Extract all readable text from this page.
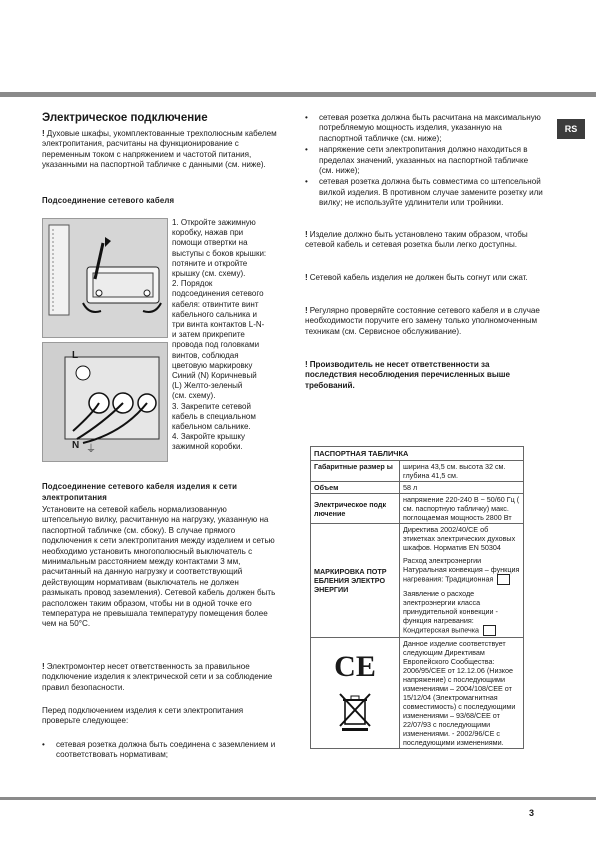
RS
Электрическое подключение
! Духовые шкафы, укомплектованные трехполюсным кабелем электропитания, расчитаны на функционирование с переменным током с напряжением и частотой питания, указанными на паспортной табличке с данными (см. ниже).
Подсоединение сетевого кабеля
L
N ⏚
1. Откройте зажимную
коробку, нажав при
помощи отвертки на
выступы с боков крышки:
потяните и откройте
крышку (см. схему).
2. Порядок
подсоединения сетевого
кабеля: отвинтите винт
кабельного сальника и
три винта контактов L-N-
и затем прикрепите
провода под головками
винтов, соблюдая
цветовую маркировку
Синий (N) Коричневый
(L) Желто-зеленый
(см. схему).
3. Закрепите сетевой
кабель в специальном
кабельном сальнике.
4. Закройте крышку
зажимной коробки.
Подсоединение сетевого кабеля изделия к сети электропитания
Установите на сетевой кабель нормализованную штепсельную вилку, расчитанную на нагрузку, указанную на паспортной табличке (см. сбоку). В случае прямого подключения к сети электропитания между изделием и сетью необходимо установить многополюсный выключатель с минимальным расстоянием между контактами 3 мм, расчитанный на данную нагрузку и соответствующий действующим нормативам (выключатель не должен размыкать провод заземления). Сетевой кабель должен быть расположен таким образом, чтобы ни в одной точке его температура не превышала температуру помещения более чем на 50°С.
! Электромонтер несет ответственность за правильное подключение изделия к электрической сети и за соблюдение правил безопасности.
Перед подключением изделия к сети электропитания проверьте следующее:
• сетевая розетка должна быть соединена с заземлением и соответствовать нормативам;
• сетевая розетка должна быть расчитана на максимальную потребляемую мощность изделия, указанную на паспортной табличке (см. ниже);
• напряжение сети электропитания должно находиться в пределах значений, указанных на паспортной табличке (см. ниже);
• сетевая розетка должна быть совместима со штепсельной вилкой изделия. В противном случае замените розетку или вилку; не используйте удлинители или тройники.
! Изделие должно быть установлено таким образом, чтобы сетевой кабель и сетевая розетка были легко доступны.
! Сетевой кабель изделия не должен быть согнут или сжат.
! Регулярно проверяйте состояние сетевого кабеля и в случае необходимости поручите его замену только уполномоченным техникам (см. Сервисное обслуживание).
! Производитель не несет ответственности за последствия несоблюдения перечисленных выше требований.
ПАСПОРТНАЯ ТАБЛИЧКА	
Габаритные размер ы	ширина 43,5 см. высота 32 см. глубина 41,5 см.
Объем	58 л
Электрическое подк лючение	напряжение 220-240 В ~ 50/60 Гц ( см. паспортную табличку) макс. поглощаемая мощность 2800 Вт
МАРКИРОВКА ПОТР ЕБЛЕНИЯ ЭЛЕКТРО ЭНЕРГИИ	Директива 2002/40/СЕ об этикетках электрических духовых шкафов. Норматив EN 50304
Расход электроэнергии Натуральная конвекция – функция нагревания: Традиционная
Заявление о расходе электроэнергии класса принудительной конвекции - функция нагревания: Кондитерская выпечка

CE	Данное изделие соответствует следующим Директивам Европейского Сообщества: 2006/95/CEE от 12.12.06 (Низкое напряжение) с последующими изменениями – 2004/108/CEE от 15/12/04 (Электромагнитная совместимость) с последующими изменениями – 93/68/CEE от 22/07/93 с последующими изменениями. - 2002/96/CE с последующими изменениями.
3
